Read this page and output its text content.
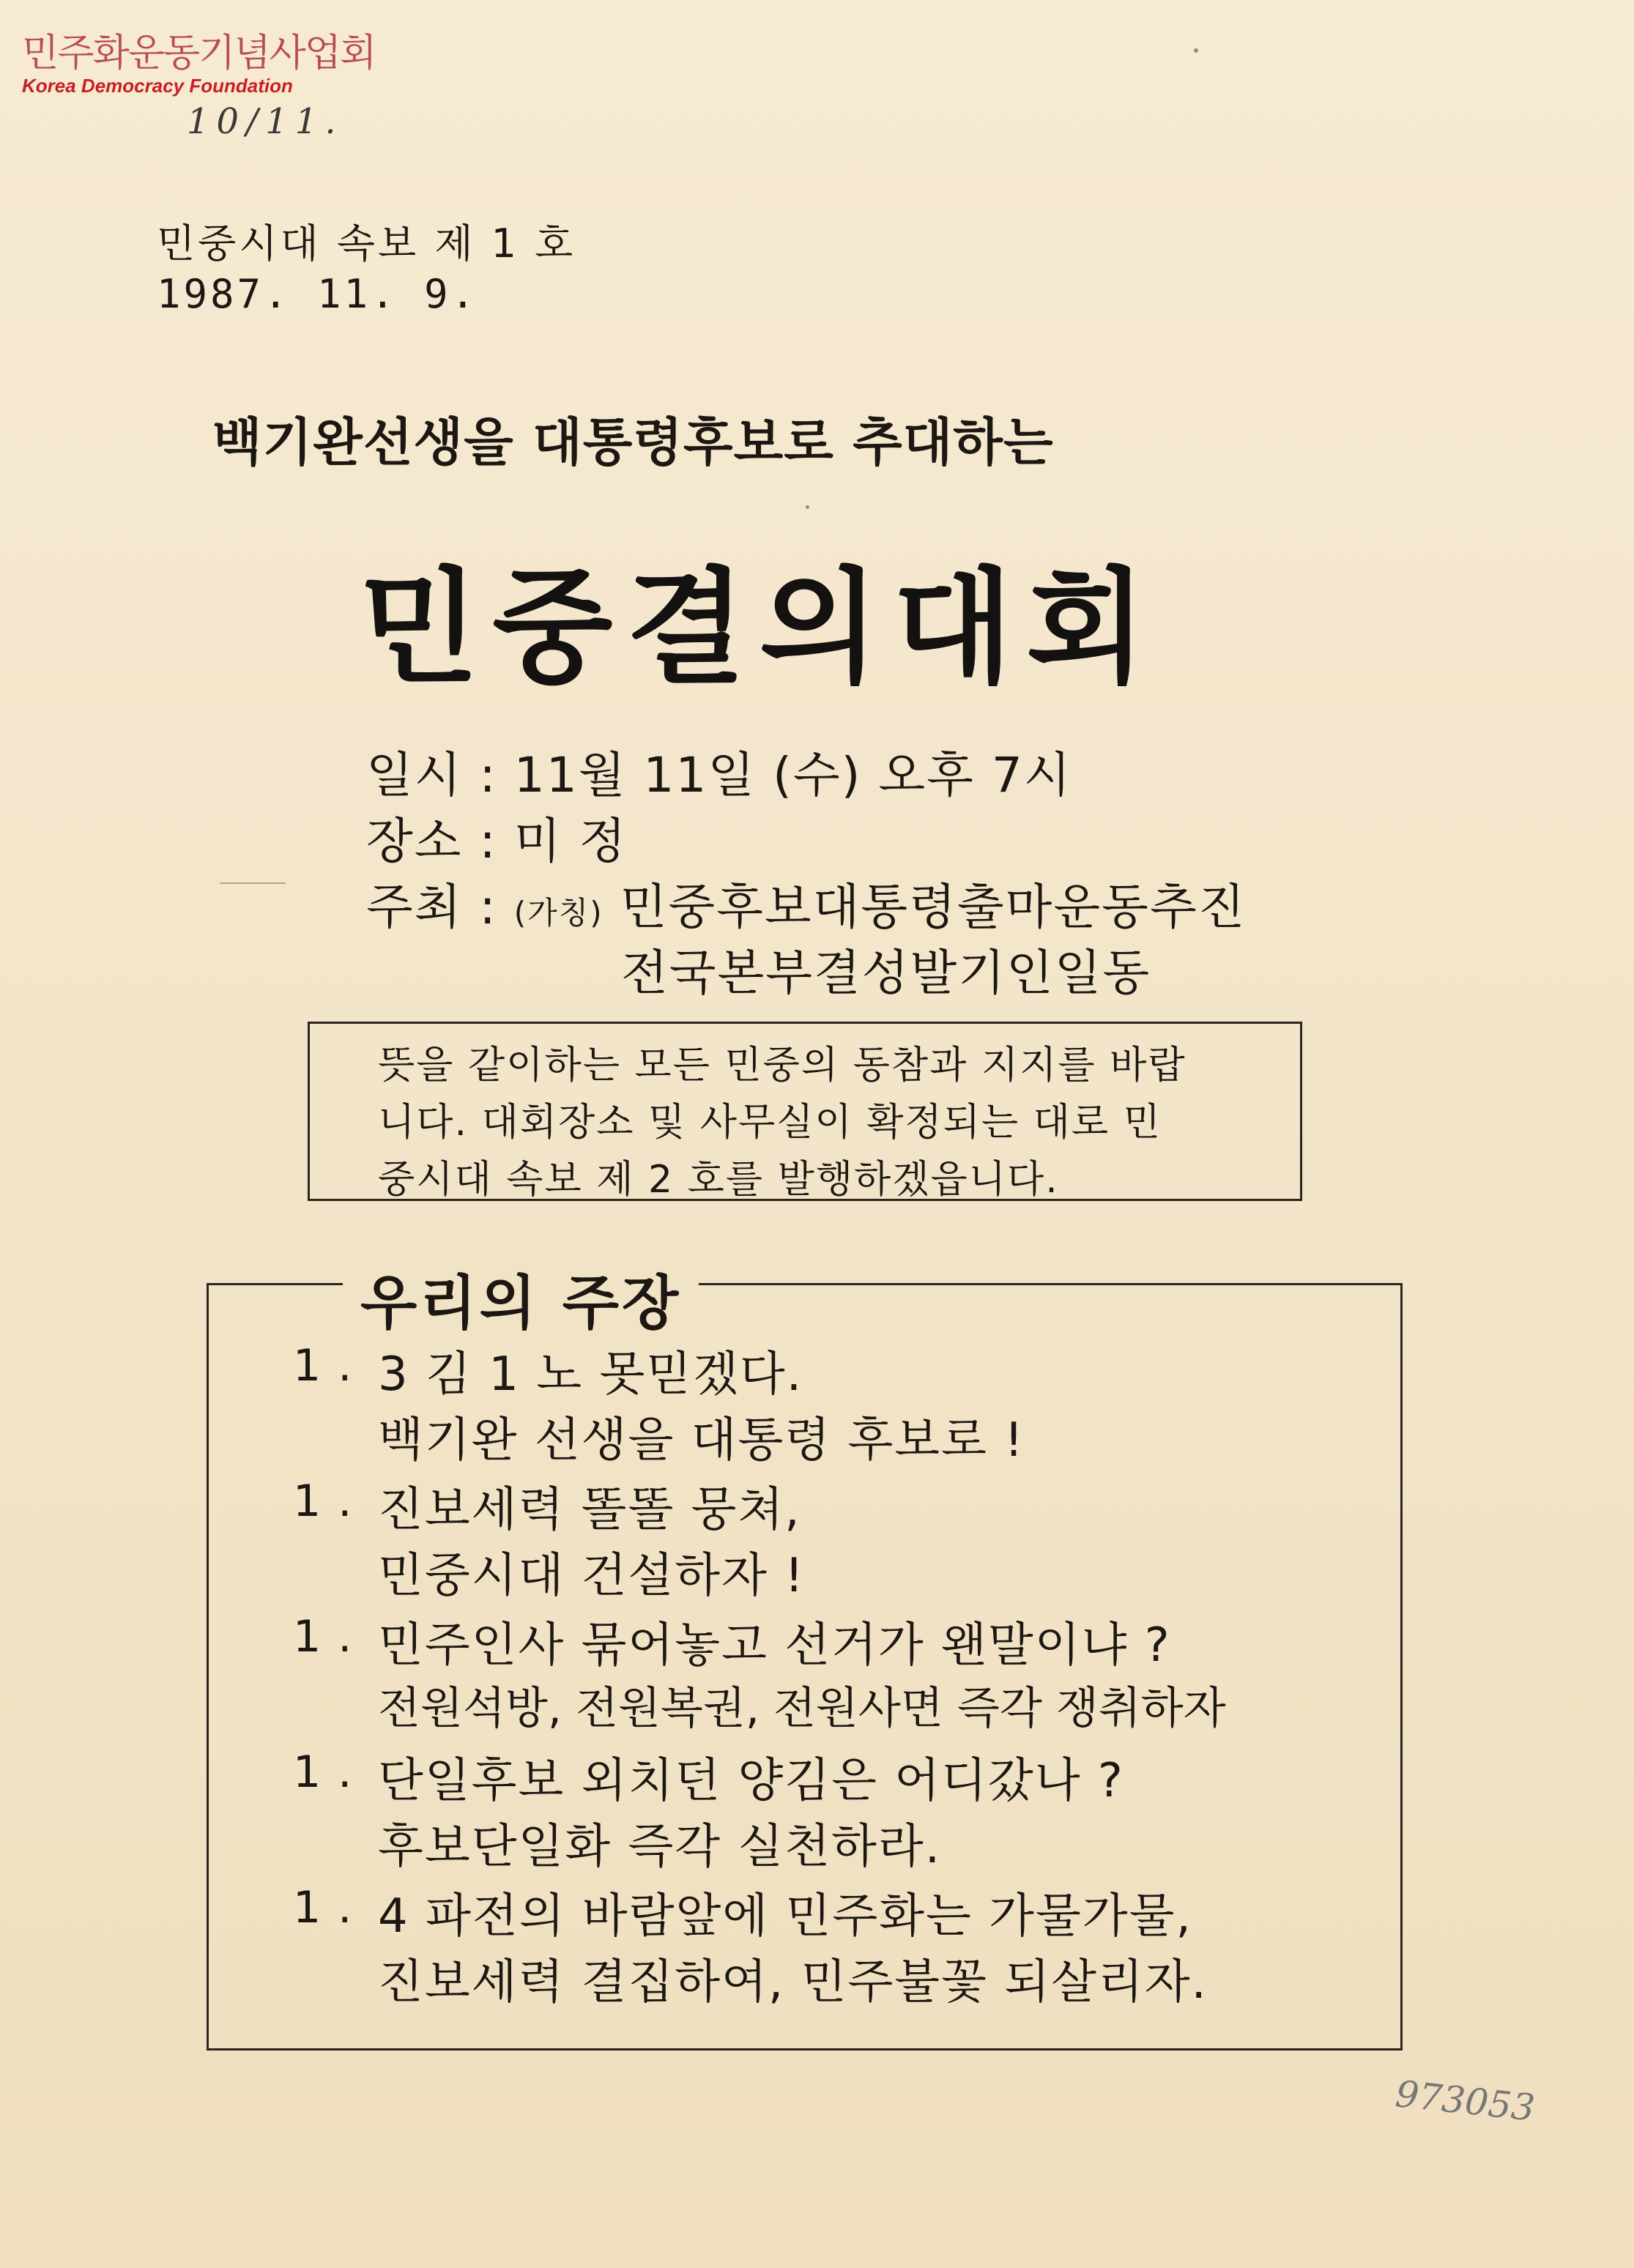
민주화운동기념사업회
Korea Democracy Foundation
10/11.
민중시대 속보 제 1 호
1987. 11. 9.
백기완선생을 대통령후보로 추대하는
민중결의대회
일시 : 11월 11일 (수) 오후 7시
장소 : 미 정
주최 : (가칭) 민중후보대통령출마운동추진
전국본부결성발기인일동
뜻을 같이하는 모든 민중의 동참과 지지를 바랍
니다. 대회장소 및 사무실이 확정되는 대로 민
중시대 속보 제 2 호를 발행하겠읍니다.
우리의 주장
1 . 3 김 1 노 못믿겠다.
백기완 선생을 대통령 후보로 !
1 . 진보세력 똘똘 뭉쳐,
민중시대 건설하자 !
1 . 민주인사 묶어놓고 선거가 왠말이냐 ?
전원석방, 전원복권, 전원사면 즉각 쟁취하자
1 . 단일후보 외치던 양김은 어디갔나 ?
후보단일화 즉각 실천하라.
1 . 4 파전의 바람앞에 민주화는 가물가물,
진보세력 결집하여, 민주불꽃 되살리자.
973053
